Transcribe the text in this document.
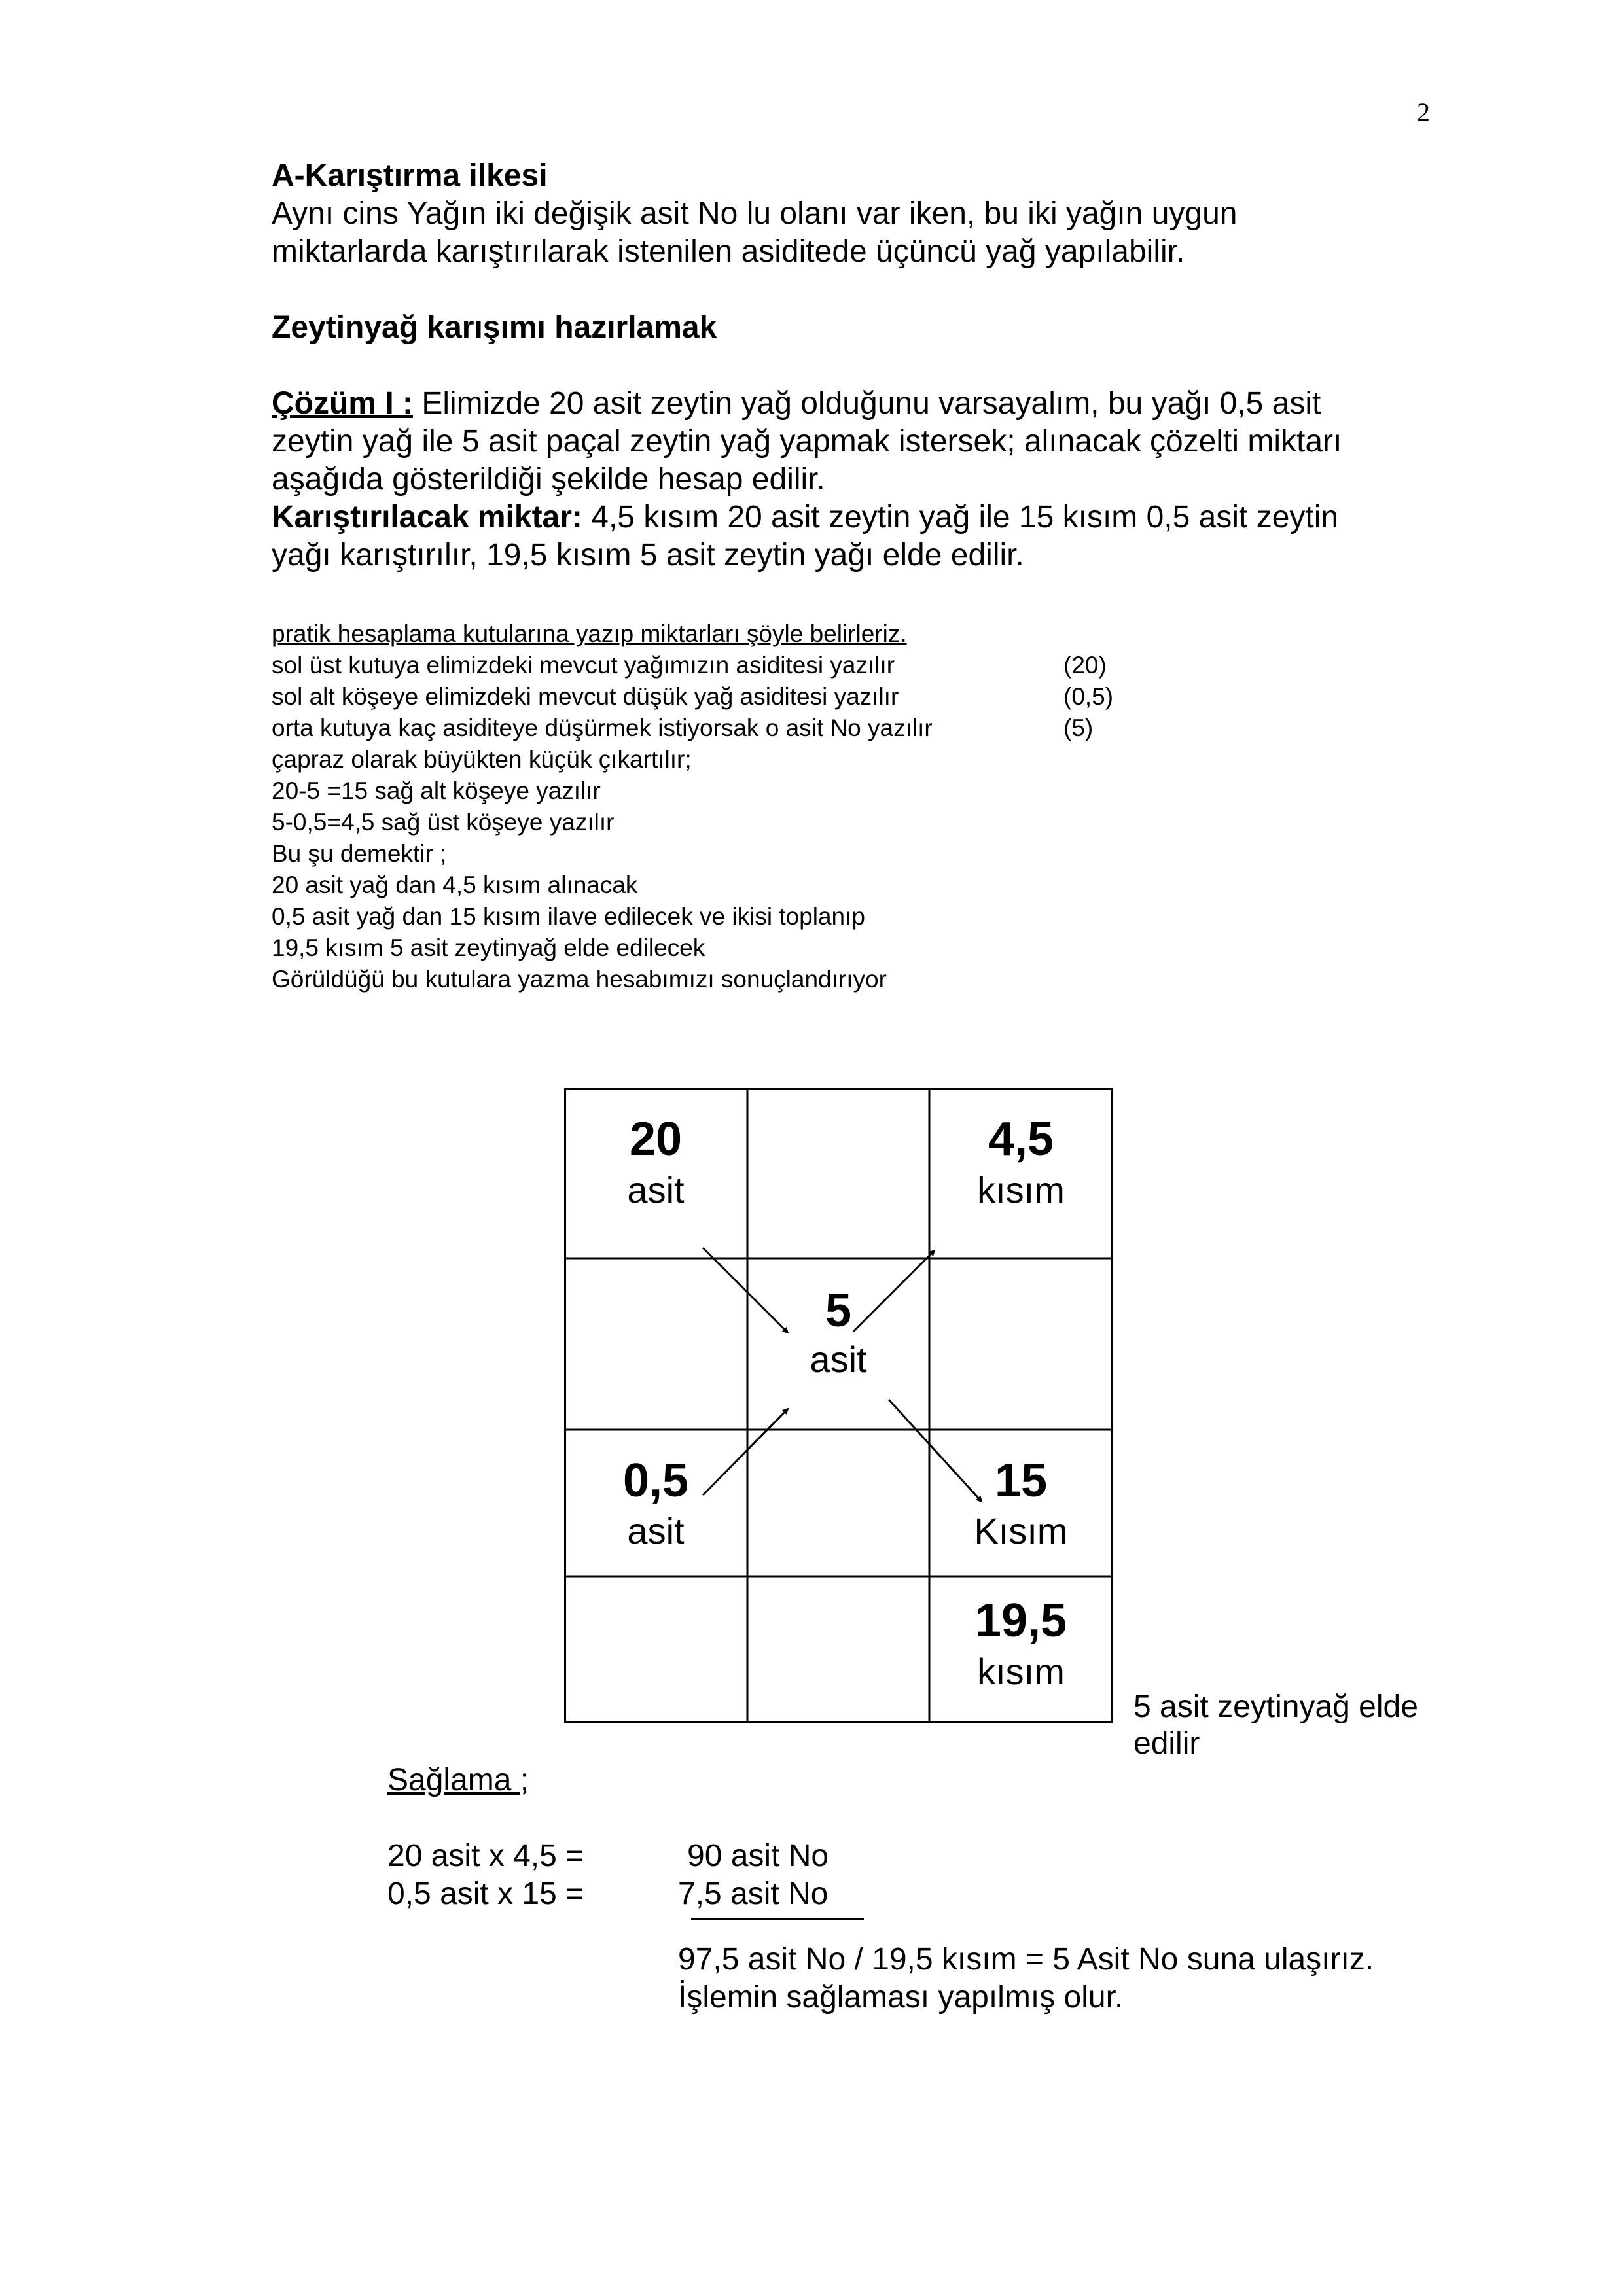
2
A-Karıştırma ilkesi
Aynı cins Yağın iki değişik asit No lu olanı var iken, bu iki yağın uygun
miktarlarda karıştırılarak istenilen asiditede üçüncü yağ yapılabilir.
Zeytinyağ karışımı hazırlamak
Çözüm I : Elimizde 20 asit zeytin yağ olduğunu varsayalım, bu yağı 0,5 asit
zeytin yağ ile 5 asit paçal zeytin yağ yapmak istersek; alınacak çözelti miktarı
aşağıda gösterildiği şekilde hesap edilir.
Karıştırılacak miktar: 4,5 kısım 20 asit zeytin yağ ile 15 kısım 0,5 asit zeytin
yağı karıştırılır, 19,5 kısım 5 asit zeytin yağı elde edilir.
pratik hesaplama kutularına yazıp miktarları şöyle belirleriz.
sol üst kutuya elimizdeki mevcut yağımızın asiditesi yazılır
sol alt köşeye elimizdeki mevcut düşük yağ asiditesi yazılır
orta kutuya kaç asiditeye düşürmek istiyorsak o asit No yazılır
çapraz olarak büyükten küçük çıkartılır;
20-5 =15 sağ alt köşeye yazılır
5-0,5=4,5 sağ üst köşeye yazılır
Bu şu demektir ;
20 asit yağ dan 4,5 kısım alınacak
0,5 asit yağ dan 15 kısım ilave edilecek ve ikisi toplanıp
19,5 kısım 5 asit zeytinyağ elde edilecek
Görüldüğü bu kutulara yazma hesabımızı sonuçlandırıyor
(20)
(0,5)
(5)
20
asit
4,5
kısım
5
asit
0,5
asit
15
Kısım
19,5
kısım
5 asit zeytinyağ elde
edilir
Sağlama ;
20 asit x 4,5 =	90 asit No
0,5 asit x 15 =	7,5 asit No
97,5 asit No / 19,5 kısım = 5 Asit No suna ulaşırız.
İşlemin sağlaması yapılmış olur.
